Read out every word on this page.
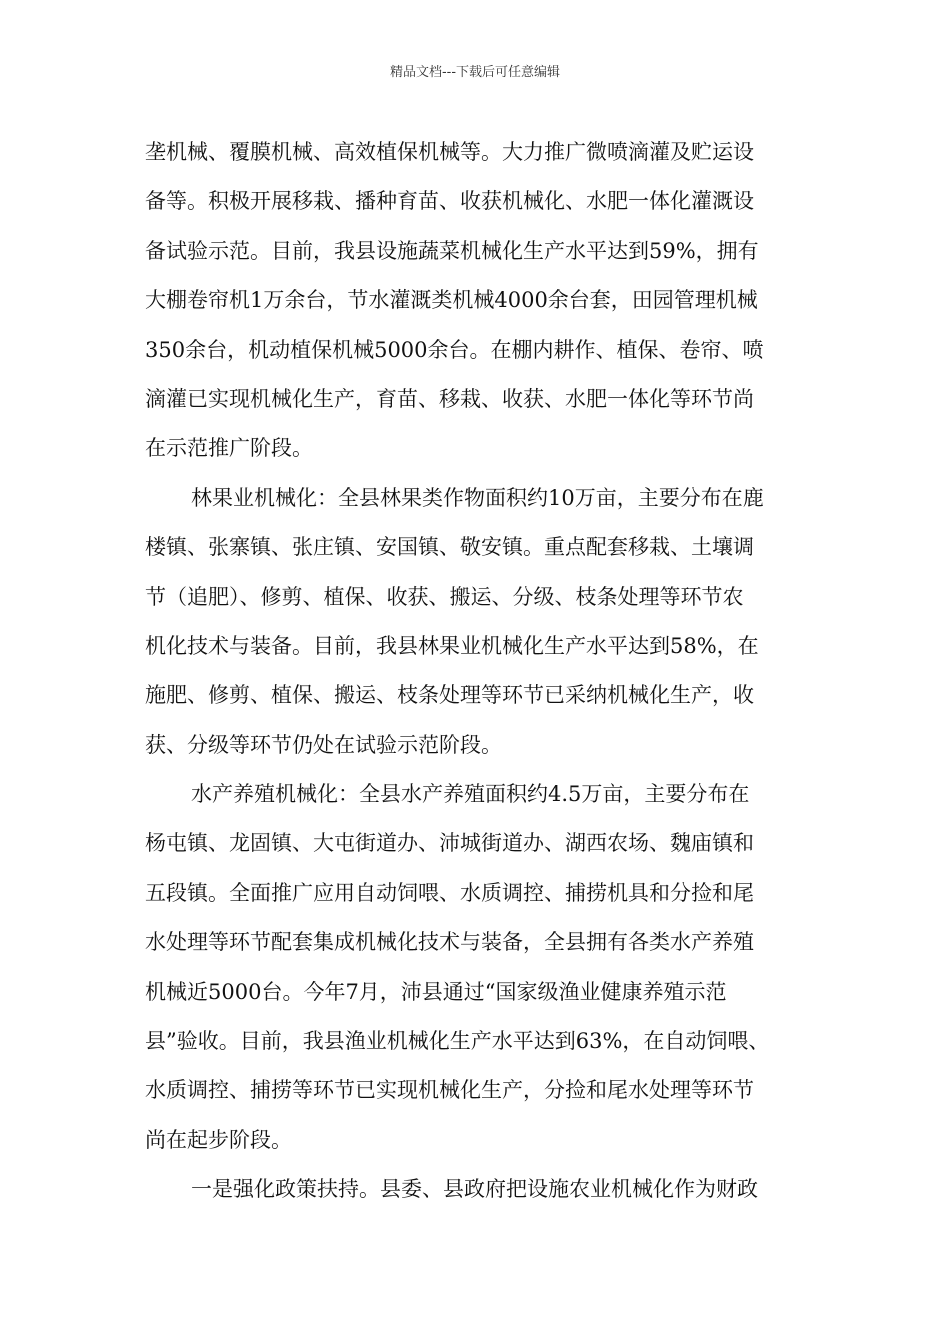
精品文档---下载后可任意编辑
垄机械、覆膜机械、高效植保机械等。大力推广微喷滴灌及贮运设
备等。积极开展移栽、播种育苗、收获机械化、水肥一体化灌溉设
备试验示范。目前，我县设施蔬菜机械化生产水平达到59%，拥有
大棚卷帘机1万余台，节水灌溉类机械4000余台套，田园管理机械
350余台，机动植保机械5000余台。在棚内耕作、植保、卷帘、喷
滴灌已实现机械化生产，育苗、移栽、收获、水肥一体化等环节尚
在示范推广阶段。
林果业机械化：全县林果类作物面积约10万亩，主要分布在鹿
楼镇、张寨镇、张庄镇、安国镇、敬安镇。重点配套移栽、土壤调
节（追肥）、修剪、植保、收获、搬运、分级、枝条处理等环节农
机化技术与装备。目前，我县林果业机械化生产水平达到58%，在
施肥、修剪、植保、搬运、枝条处理等环节已采纳机械化生产，收
获、分级等环节仍处在试验示范阶段。
水产养殖机械化：全县水产养殖面积约4.5万亩，主要分布在
杨屯镇、龙固镇、大屯街道办、沛城街道办、湖西农场、魏庙镇和
五段镇。全面推广应用自动饲喂、水质调控、捕捞机具和分捡和尾
水处理等环节配套集成机械化技术与装备，全县拥有各类水产养殖
机械近5000台。今年7月，沛县通过“国家级渔业健康养殖示范
县”验收。目前，我县渔业机械化生产水平达到63%，在自动饲喂、
水质调控、捕捞等环节已实现机械化生产，分捡和尾水处理等环节
尚在起步阶段。
一是强化政策扶持。县委、县政府把设施农业机械化作为财政
